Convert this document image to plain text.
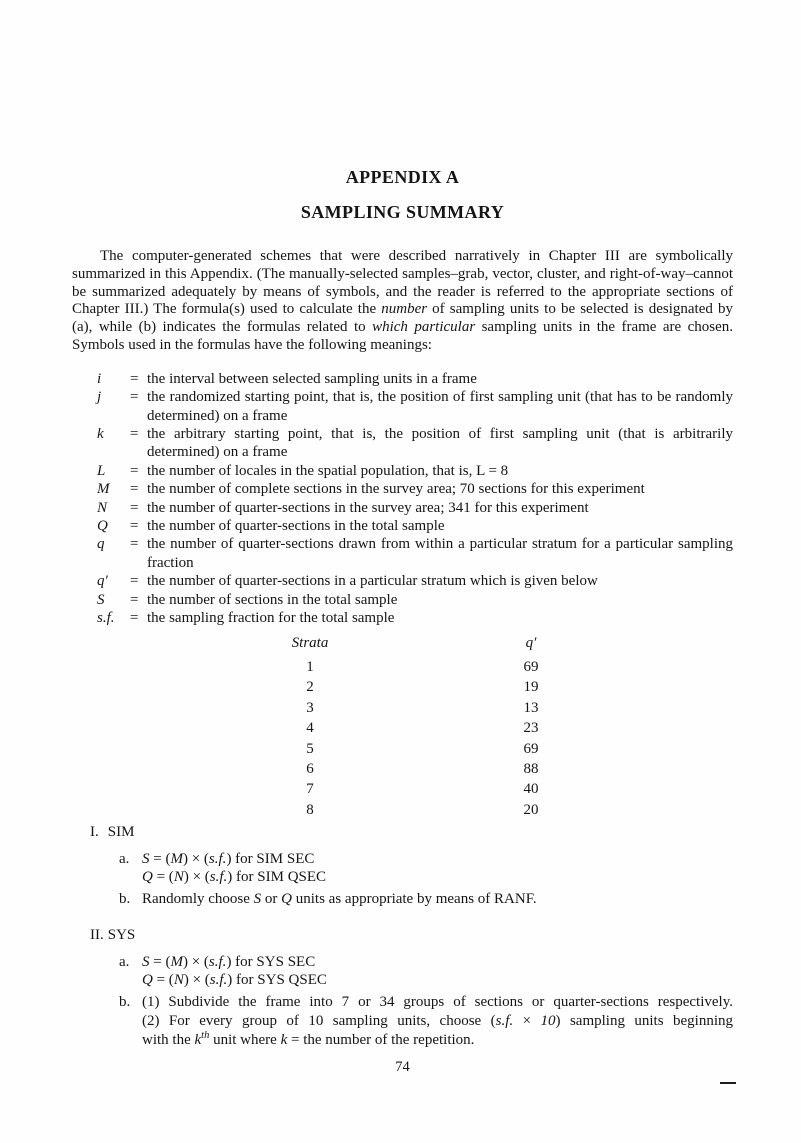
APPENDIX A
SAMPLING SUMMARY

The computer-generated schemes that were described narratively in Chapter III are symbolically summarized in this Appendix. (The manually-selected samples–grab, vector, cluster, and right-of-way–cannot be summarized adequately by means of symbols, and the reader is referred to the appropriate sections of Chapter III.) The formula(s) used to calculate the number of sampling units to be selected is designated by (a), while (b) indicates the formulas related to which particular sampling units in the frame are chosen. Symbols used in the formulas have the following meanings:

i	= the interval between selected sampling units in a frame
j	= the randomized starting point, that is, the position of first sampling unit (that has to be randomly determined) on a frame
k	= the arbitrary starting point, that is, the position of first sampling unit (that is arbitrarily determined) on a frame
L	= the number of locales in the spatial population, that is, L = 8
M	= the number of complete sections in the survey area; 70 sections for this experiment
N	= the number of quarter-sections in the survey area; 341 for this experiment
Q	= the number of quarter-sections in the total sample
q	= the number of quarter-sections drawn from within a particular stratum for a particular sampling fraction
q′	= the number of quarter-sections in a particular stratum which is given below
S	= the number of sections in the total sample
s.f.	= the sampling fraction for the total sample
Strata	q′
1	69
2	19
3	13
4	23
5	69
6	88
7	40
8	20
I. SIM
a. S = (M) × (s.f.) for SIM SEC
Q = (N) × (s.f.) for SIM QSEC
b. Randomly choose S or Q units as appropriate by means of RANF.
II. SYS
a. S = (M) × (s.f.) for SYS SEC
Q = (N) × (s.f.) for SYS QSEC
b. (1) Subdivide the frame into 7 or 34 groups of sections or quarter-sections respectively.
(2) For every group of 10 sampling units, choose (s.f. × 10) sampling units beginning
with the $k^{th}$ unit where k = the number of the repetition.
74
